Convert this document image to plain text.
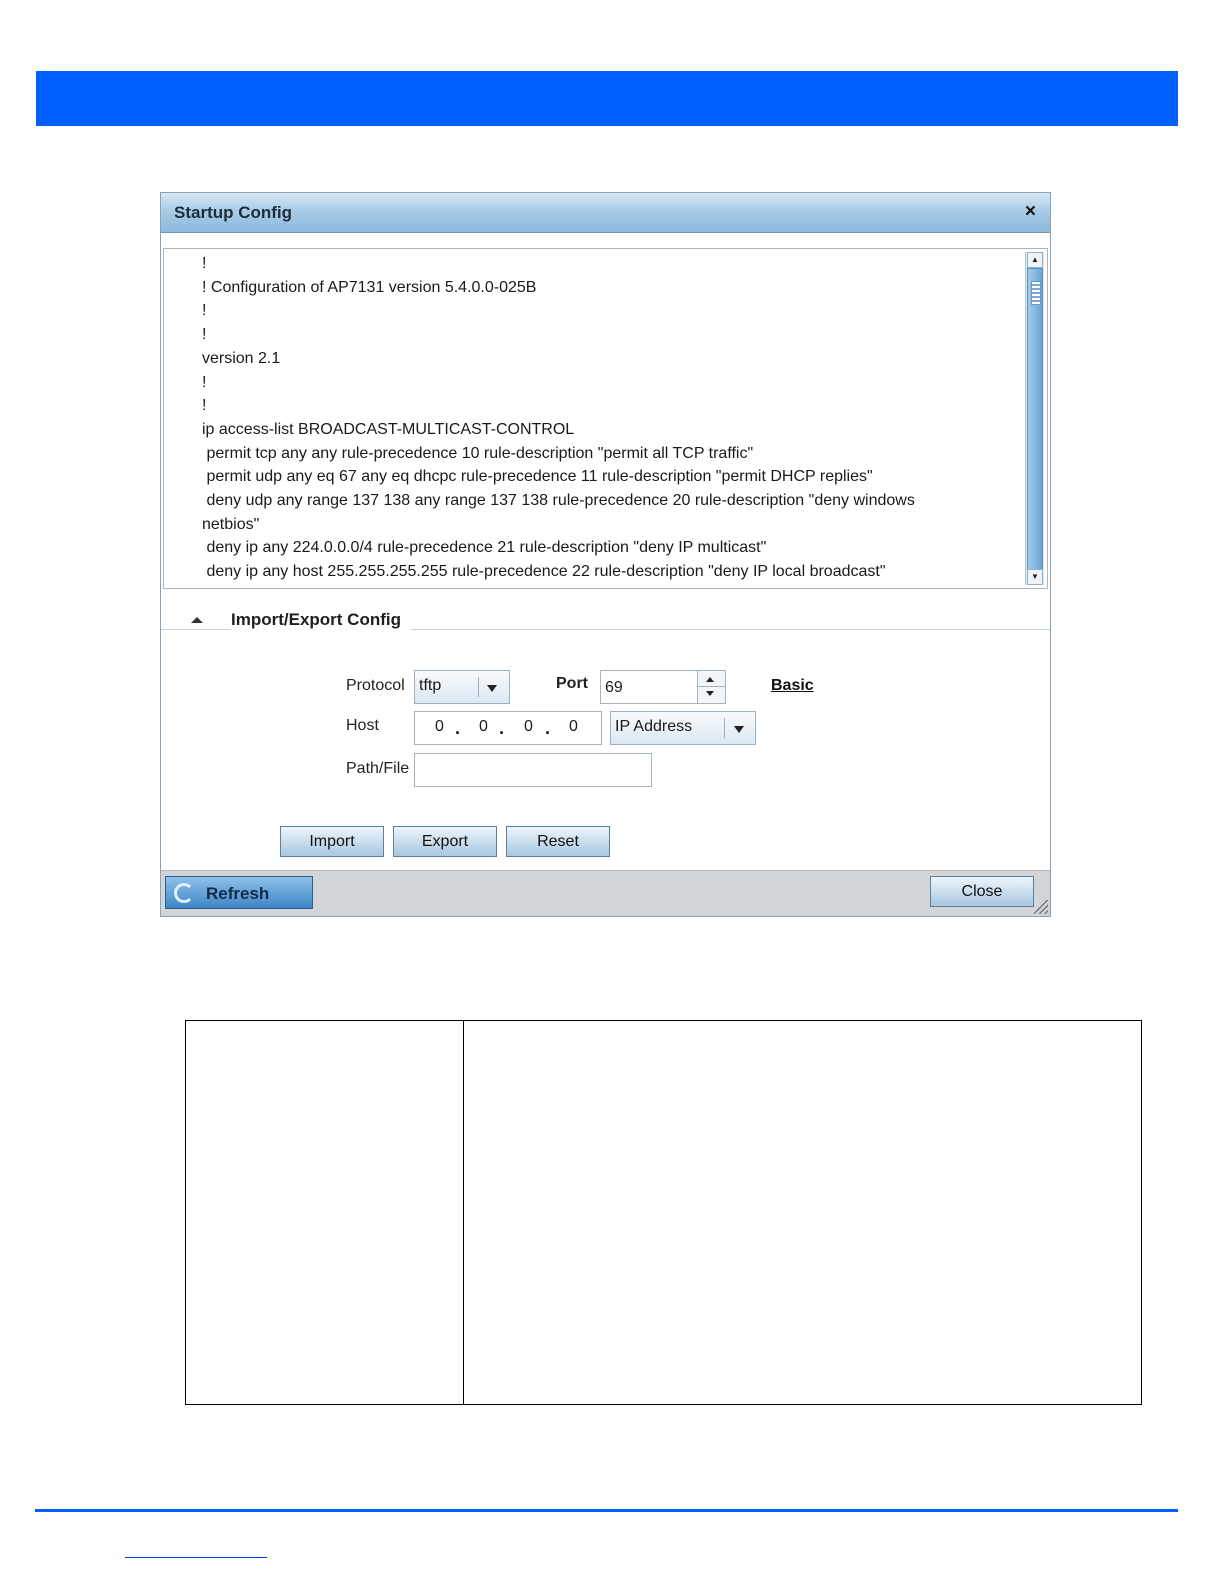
Startup Config	×
!
! Configuration of AP7131 version 5.4.0.0-025B
!
!
version 2.1
!
!
ip access-list BROADCAST-MULTICAST-CONTROL
permit tcp any any rule-precedence 10 rule-description "permit all TCP traffic"
permit udp any eq 67 any eq dhcpc rule-precedence 11 rule-description "permit DHCP replies"
deny udp any range 137 138 any range 137 138 rule-precedence 20 rule-description "deny windows
netbios"
deny ip any 224.0.0.0/4 rule-precedence 21 rule-description "deny IP multicast"
deny ip any host 255.255.255.255 rule-precedence 22 rule-description "deny IP local broadcast"
▲
▼
Import/Export Config
Protocol tftp	Port 69	Basic
Host	0 . 0 . 0 . 0 IP Address
Path/File
Import	Export	Reset
Refresh	Close
